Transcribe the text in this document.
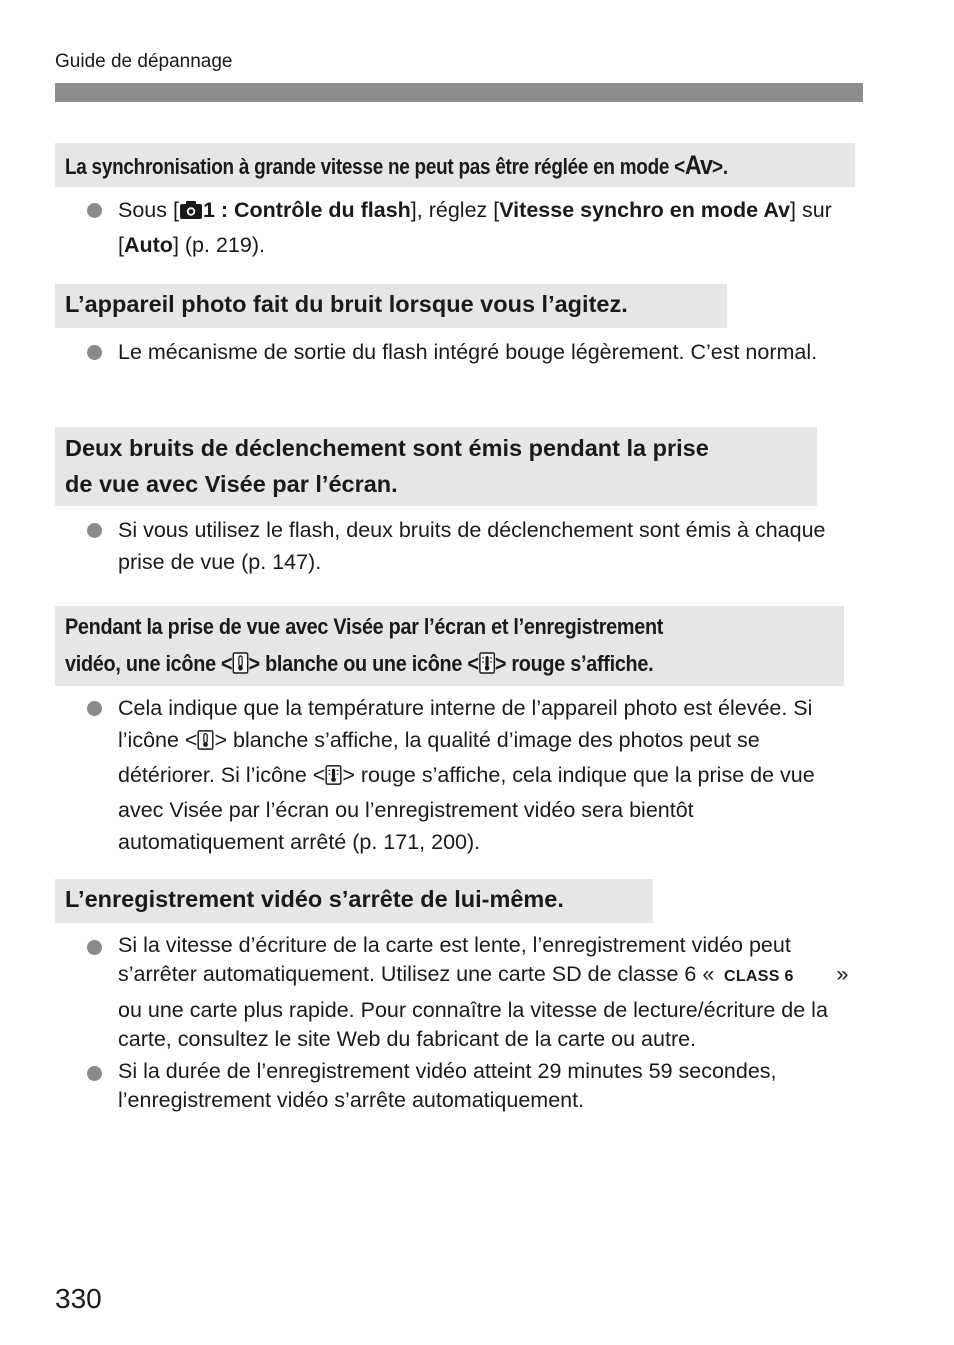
Guide de dépannage
La synchronisation à grande vitesse ne peut pas être réglée en mode <Av>.
Sous [ 1 : Contrôle du flash], réglez [Vitesse synchro en mode Av] sur [Auto] (p. 219).
L’appareil photo fait du bruit lorsque vous l’agitez.
Le mécanisme de sortie du flash intégré bouge légèrement. C’est normal.
Deux bruits de déclenchement sont émis pendant la prise
de vue avec Visée par l’écran.
Si vous utilisez le flash, deux bruits de déclenchement sont émis à chaque prise de vue (p. 147).
Pendant la prise de vue avec Visée par l’écran et l’enregistrement
vidéo, une icône < > blanche ou une icône < > rouge s’affiche.
Cela indique que la température interne de l’appareil photo est élevée. Si l’icône < > blanche s’affiche, la qualité d’image des photos peut se détériorer. Si l’icône < > rouge s’affiche, cela indique que la prise de vue avec Visée par l’écran ou l’enregistrement vidéo sera bientôt automatiquement arrêté (p. 171, 200).
L’enregistrement vidéo s’arrête de lui-même.
Si la vitesse d’écriture de la carte est lente, l’enregistrement vidéo peut s’arrêter automatiquement. Utilisez une carte SD de classe 6 « CLASS 6 » ou une carte plus rapide. Pour connaître la vitesse de lecture/écriture de la carte, consultez le site Web du fabricant de la carte ou autre.
Si la durée de l’enregistrement vidéo atteint 29 minutes 59 secondes, l’enregistrement vidéo s’arrête automatiquement.
330
